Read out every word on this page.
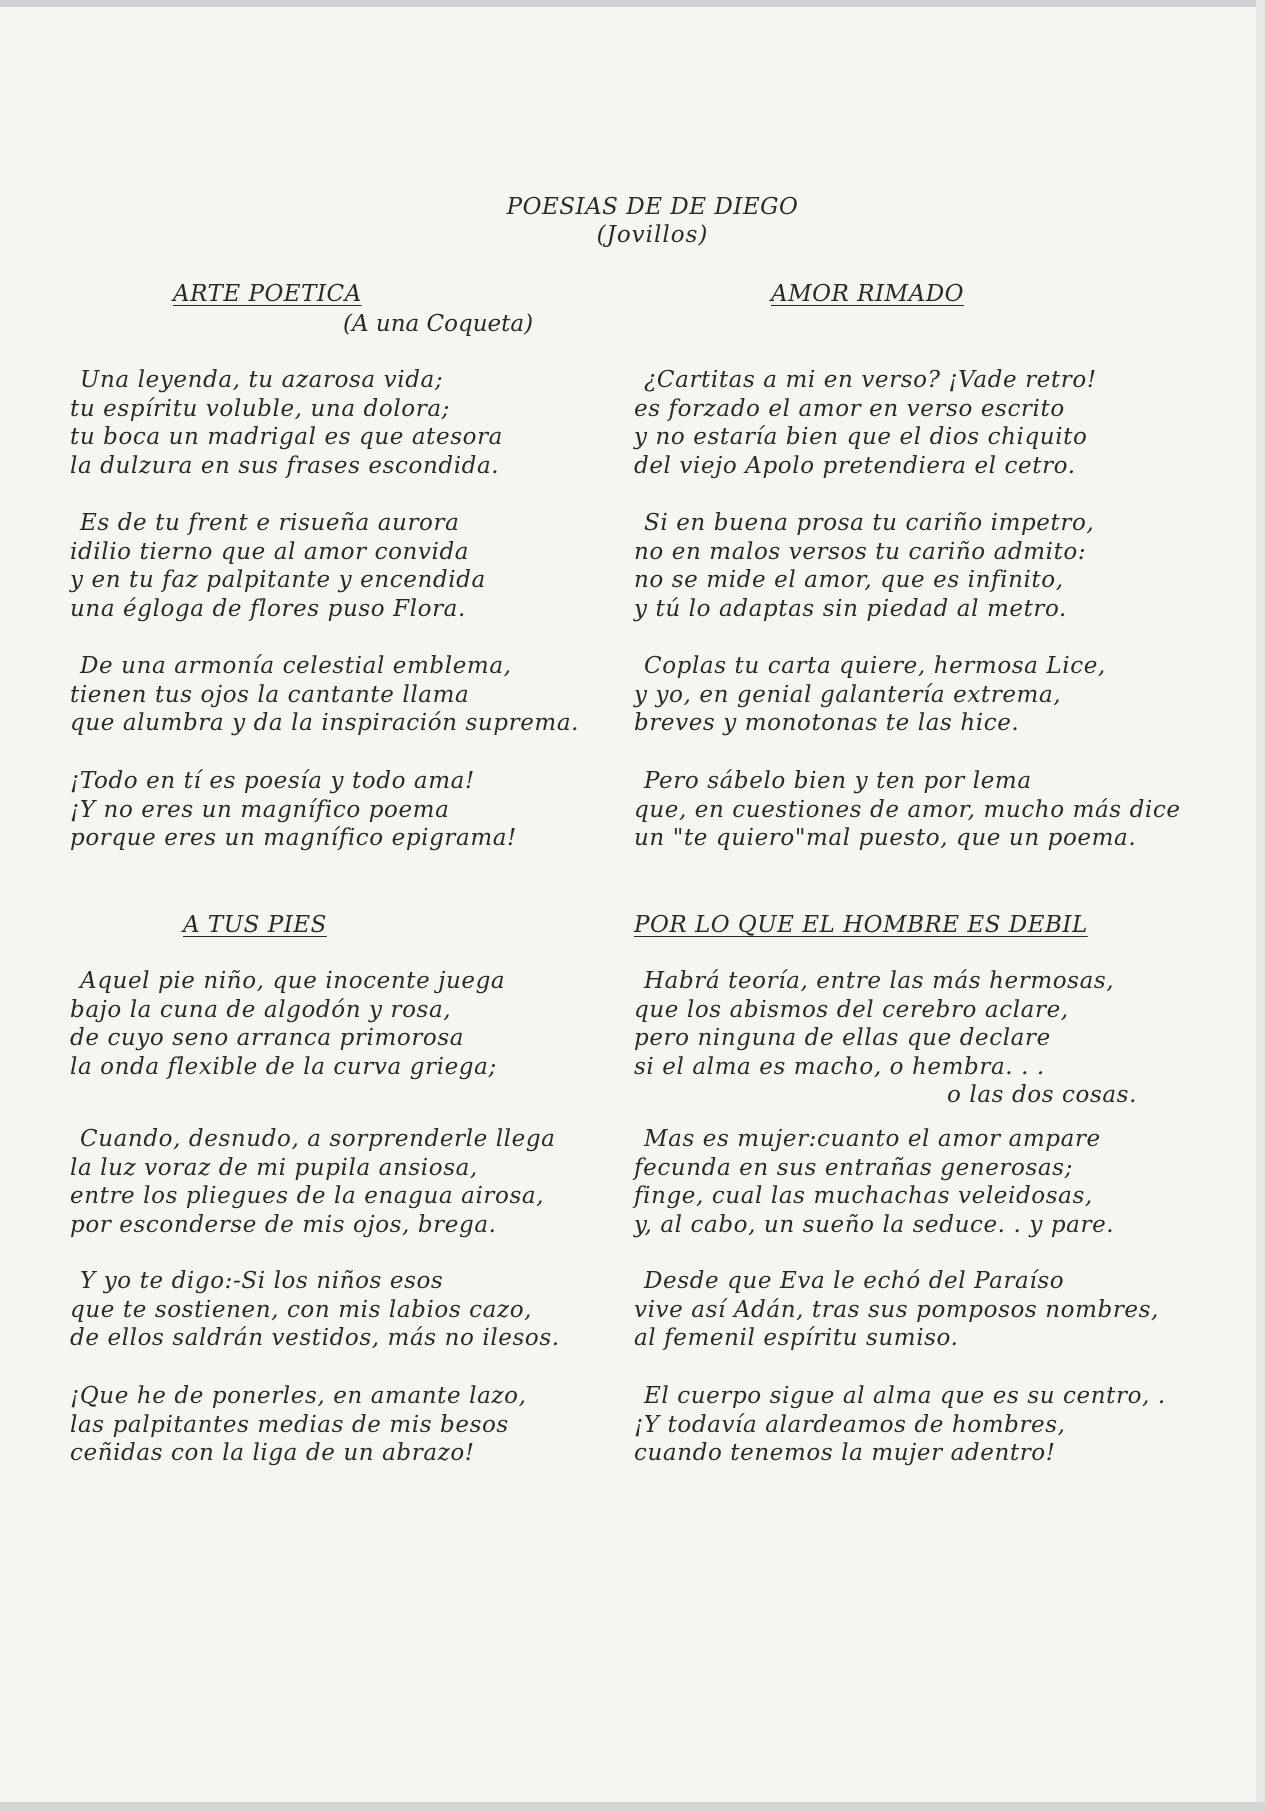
POESIAS DE DE DIEGO
(Jovillos)
ARTE POETICA
(A una Coqueta)
Una leyenda, tu azarosa vida;
tu espíritu voluble, una dolora;
tu boca un madrigal es que atesora
la dulzura en sus frases escondida.
Es de tu frent e risueña aurora
idilio tierno que al amor convida
y en tu faz palpitante y encendida
una égloga de flores puso Flora.
De una armonía celestial emblema,
tienen tus ojos la cantante llama
que alumbra y da la inspiración suprema.
¡Todo en tí es poesía y todo ama!
¡Y no eres un magnífico poema
porque eres un magnífico epigrama!
AMOR RIMADO
¿Cartitas a mi en verso? ¡Vade retro!
es forzado el amor en verso escrito
y no estaría bien que el dios chiquito
del viejo Apolo pretendiera el cetro.
Si en buena prosa tu cariño impetro,
no en malos versos tu cariño admito:
no se mide el amor, que es infinito,
y tú lo adaptas sin piedad al metro.
Coplas tu carta quiere, hermosa Lice,
y yo, en genial galantería extrema,
breves y monotonas te las hice.
Pero sábelo bien y ten por lema
que, en cuestiones de amor, mucho más dice
un "te quiero"mal puesto, que un poema.
A TUS PIES
Aquel pie niño, que inocente juega
bajo la cuna de algodón y rosa,
de cuyo seno arranca primorosa
la onda flexible de la curva griega;
Cuando, desnudo, a sorprenderle llega
la luz voraz de mi pupila ansiosa,
entre los pliegues de la enagua airosa,
por esconderse de mis ojos, brega.
Y yo te digo:-Si los niños esos
que te sostienen, con mis labios cazo,
de ellos saldrán vestidos, más no ilesos.
¡Que he de ponerles, en amante lazo,
las palpitantes medias de mis besos
ceñidas con la liga de un abrazo!
POR LO QUE EL HOMBRE ES DEBIL
Habrá teoría, entre las más hermosas,
que los abismos del cerebro aclare,
pero ninguna de ellas que declare
si el alma es macho, o hembra. . .
o las dos cosas.
Mas es mujer:cuanto el amor ampare
fecunda en sus entrañas generosas;
finge, cual las muchachas veleidosas,
y, al cabo, un sueño la seduce. . y pare.
Desde que Eva le echó del Paraíso
vive así Adán, tras sus pomposos nombres,
al femenil espíritu sumiso.
El cuerpo sigue al alma que es su centro, .
¡Y todavía alardeamos de hombres,
cuando tenemos la mujer adentro!
